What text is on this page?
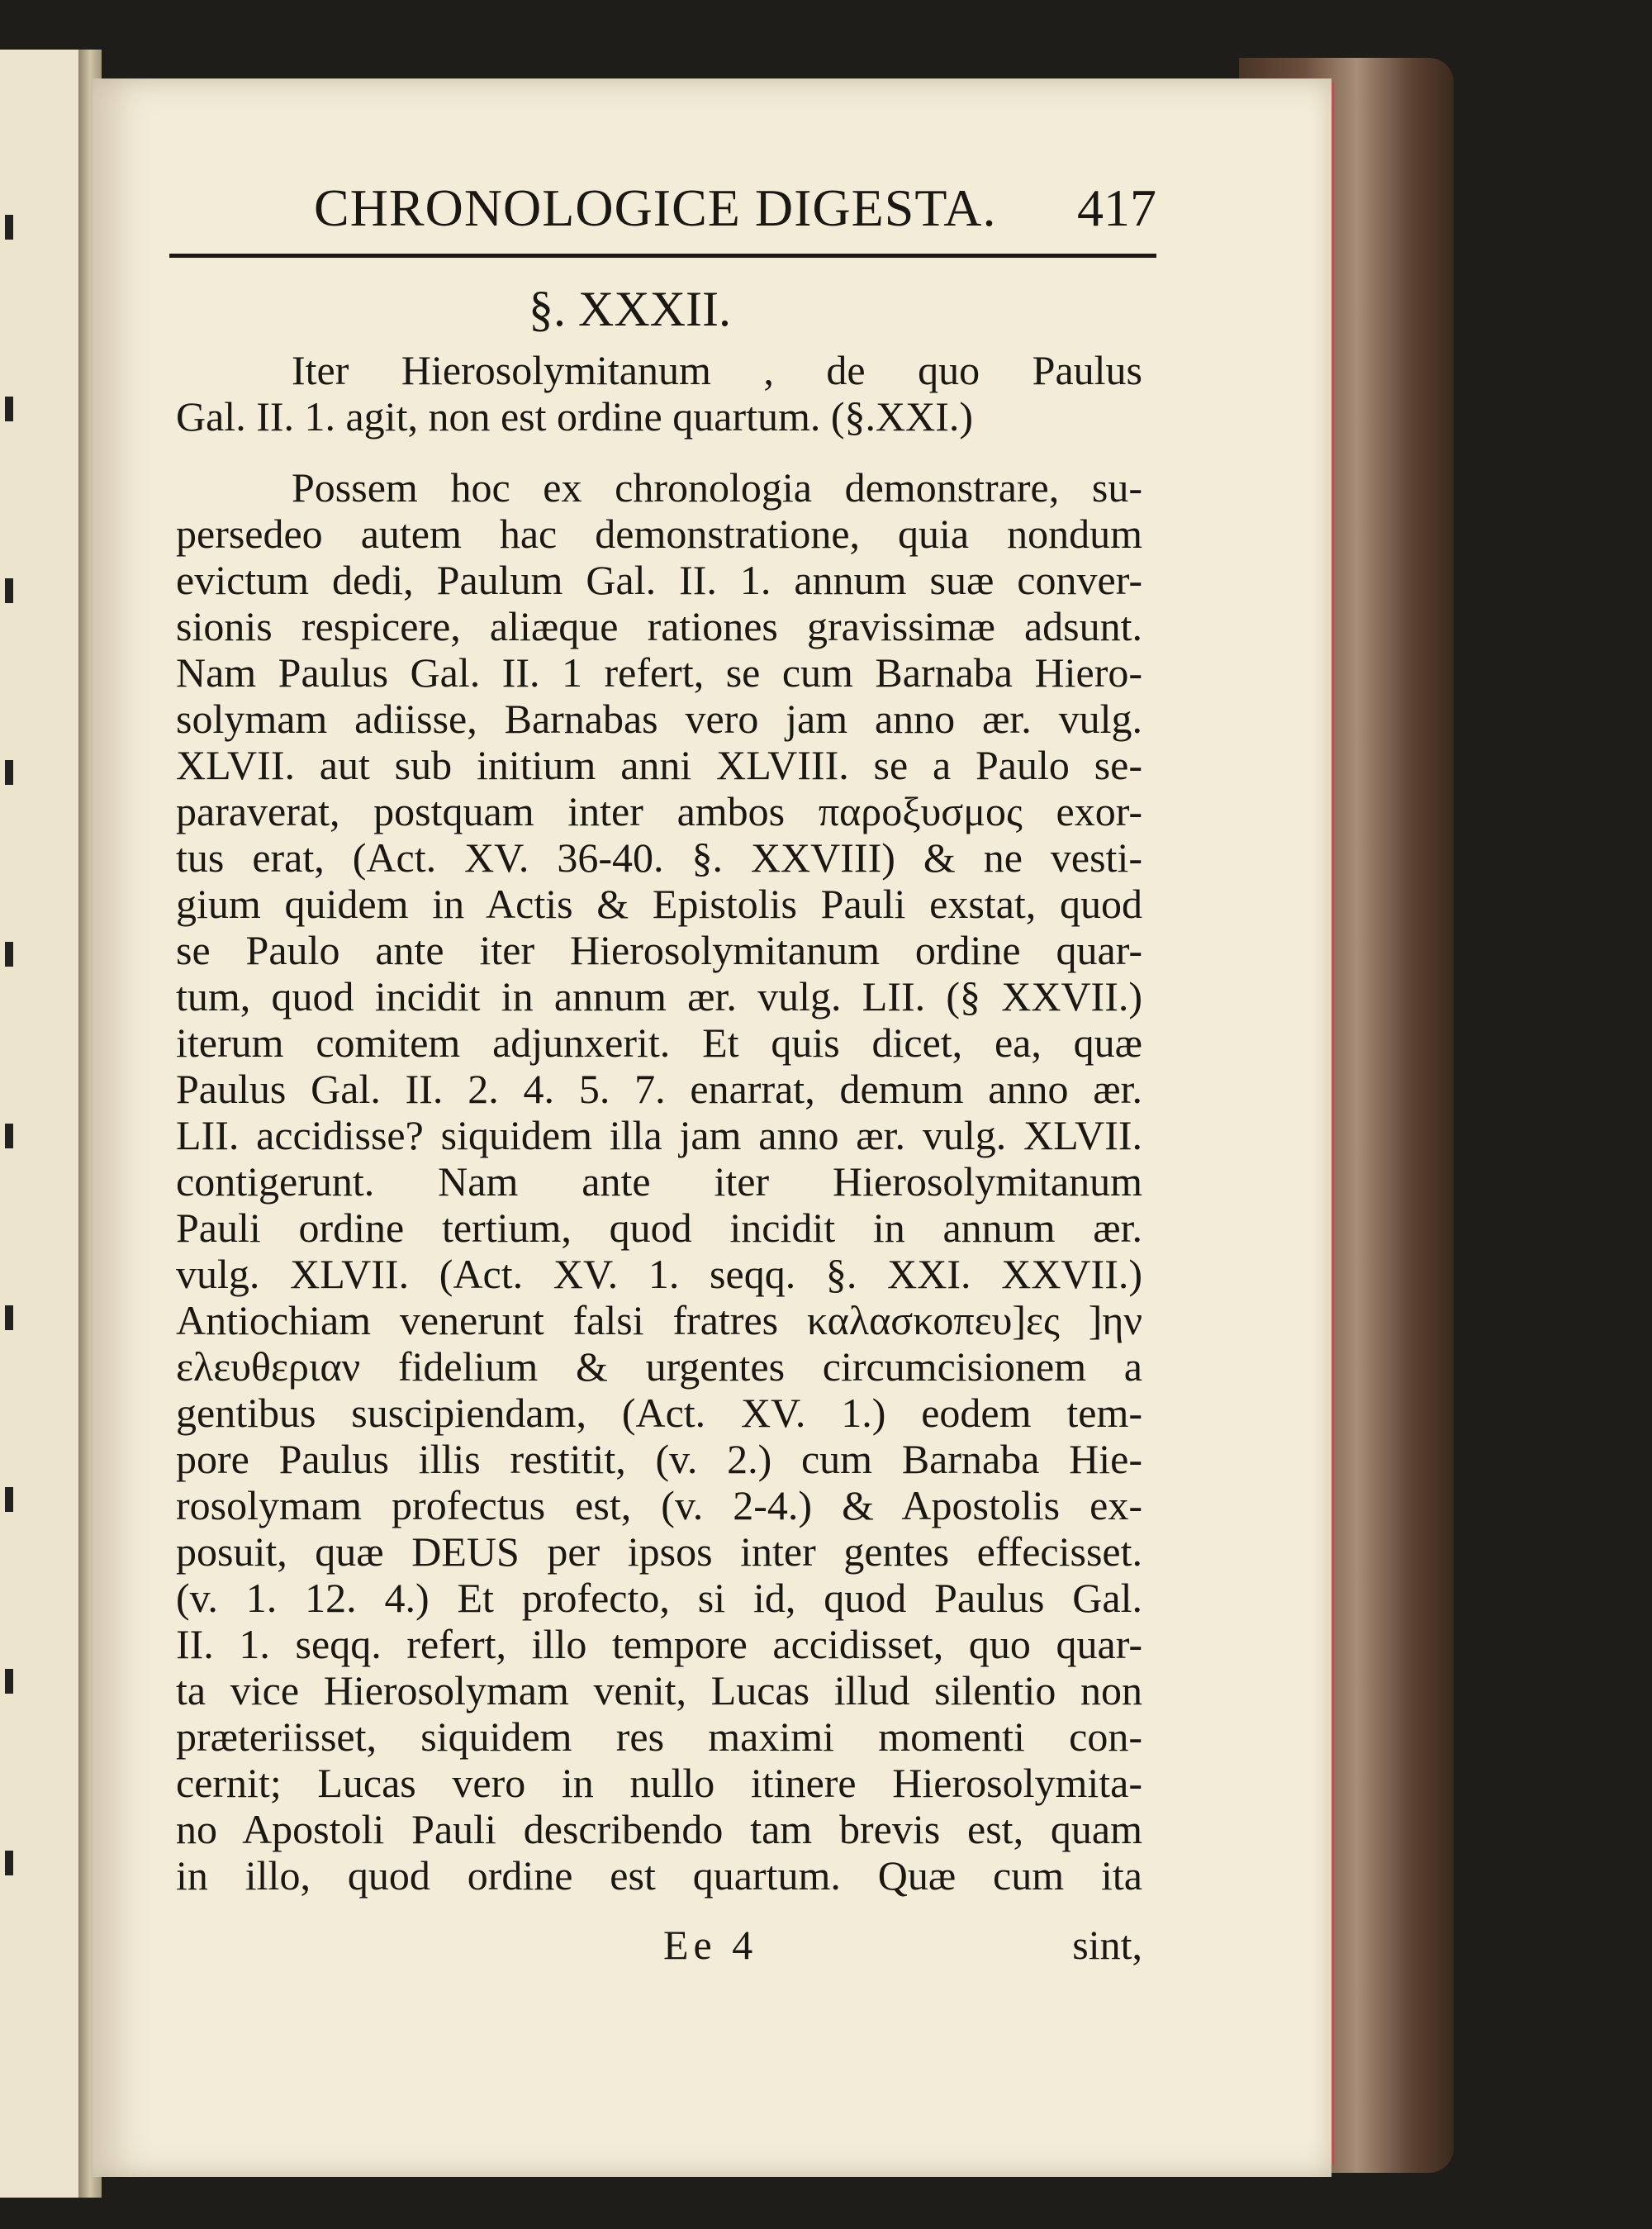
CHRONOLOGICE DIGESTA. 417
§. XXXII.
Iter Hierosolymitanum , de quo Paulus
Gal. II. 1. agit, non est ordine quartum. (§.XXI.)
Possem hoc ex chronologia demonstrare, su-
persedeo autem hac demonstratione, quia nondum
evictum dedi, Paulum Gal. II. 1. annum suæ conver-
sionis respicere, aliæque rationes gravissimæ adsunt.
Nam Paulus Gal. II. 1 refert, se cum Barnaba Hiero-
solymam adiisse, Barnabas vero jam anno ær. vulg.
XLVII. aut sub initium anni XLVIII. se a Paulo se-
paraverat, postquam inter ambos παροξυσμος exor-
tus erat, (Act. XV. 36-40. §. XXVIII) & ne vesti-
gium quidem in Actis & Epistolis Pauli exstat, quod
se Paulo ante iter Hierosolymitanum ordine quar-
tum, quod incidit in annum ær. vulg. LII. (§ XXVII.)
iterum comitem adjunxerit. Et quis dicet, ea, quæ
Paulus Gal. II. 2. 4. 5. 7. enarrat, demum anno ær.
LII. accidisse? siquidem illa jam anno ær. vulg. XLVII.
contigerunt. Nam ante iter Hierosolymitanum
Pauli ordine tertium, quod incidit in annum ær.
vulg. XLVII. (Act. XV. 1. seqq. §. XXI. XXVII.)
Antiochiam venerunt falsi fratres καλασκοπευ]ες ]ην
ελευθεριαν fidelium & urgentes circumcisionem a
gentibus suscipiendam, (Act. XV. 1.) eodem tem-
pore Paulus illis restitit, (v. 2.) cum Barnaba Hie-
rosolymam profectus est, (v. 2-4.) & Apostolis ex-
posuit, quæ DEUS per ipsos inter gentes effecisset.
(v. 1. 12. 4.) Et profecto, si id, quod Paulus Gal.
II. 1. seqq. refert, illo tempore accidisset, quo quar-
ta vice Hierosolymam venit, Lucas illud silentio non
præteriisset, siquidem res maximi momenti con-
cernit; Lucas vero in nullo itinere Hierosolymita-
no Apostoli Pauli describendo tam brevis est, quam
in illo, quod ordine est quartum. Quæ cum ita
Ee 4	sint,
